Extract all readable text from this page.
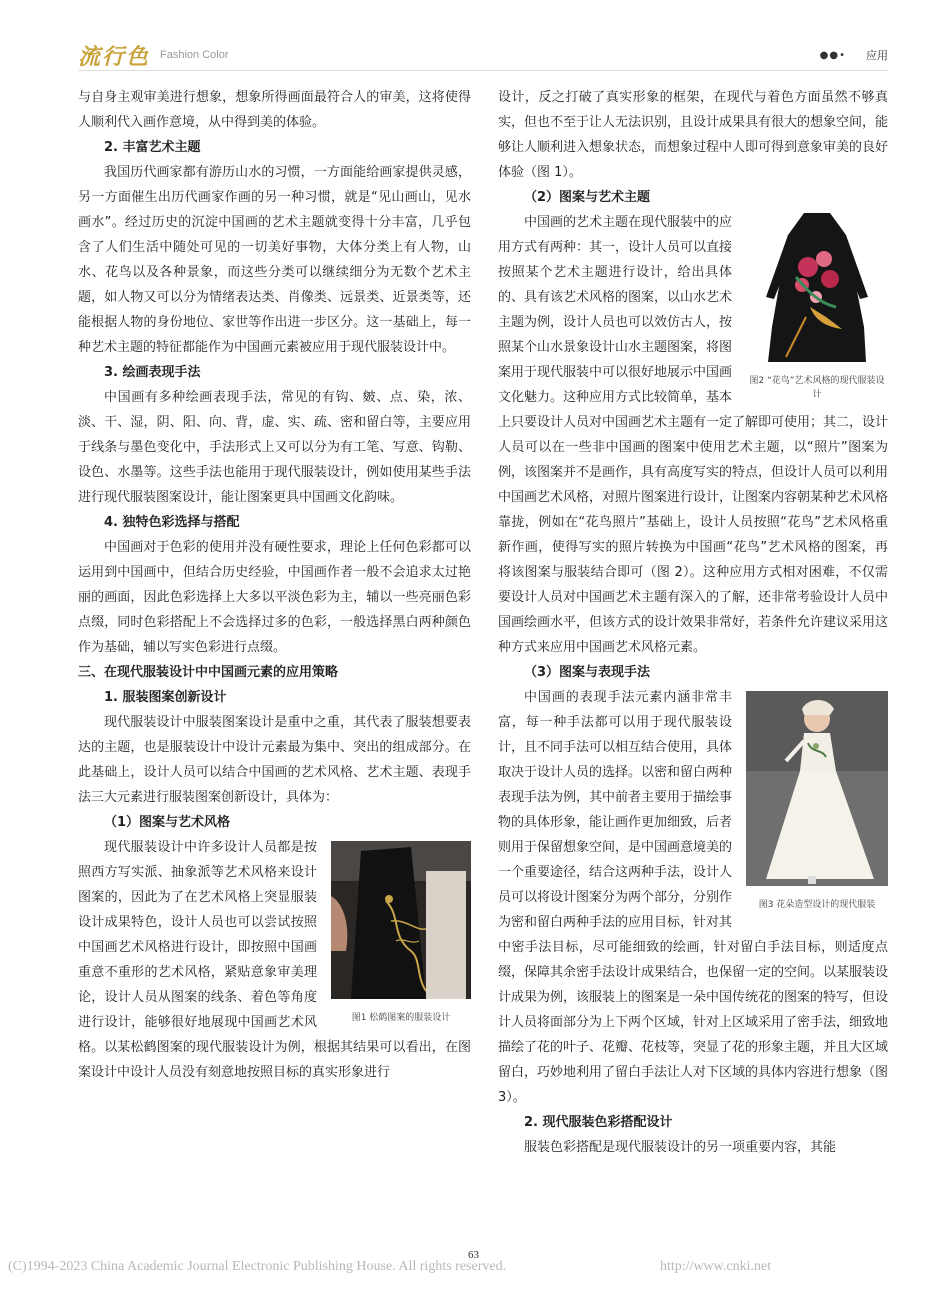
流行色 Fashion Color	●●• 应用

与自身主观审美进行想象，想象所得画面最符合人的审美，这将使得人顺利代入画作意境，从中得到美的体验。

2. 丰富艺术主题

我国历代画家都有游历山水的习惯，一方面能给画家提供灵感，另一方面催生出历代画家作画的另一种习惯，就是“见山画山，见水画水”。经过历史的沉淀中国画的艺术主题就变得十分丰富，几乎包含了人们生活中随处可见的一切美好事物，大体分类上有人物，山水、花鸟以及各种景象，而这些分类可以继续细分为无数个艺术主题，如人物又可以分为情绪表达类、肖像类、远景类、近景类等，还能根据人物的身份地位、家世等作出进一步区分。这一基础上，每一种艺术主题的特征都能作为中国画元素被应用于现代服装设计中。

3. 绘画表现手法

中国画有多种绘画表现手法，常见的有钩、皴、点、染，浓、淡、干、湿，阴、阳、向、背，虚、实、疏、密和留白等，主要应用于线条与墨色变化中，手法形式上又可以分为有工笔、写意、钩勒、设色、水墨等。这些手法也能用于现代服装设计，例如使用某些手法进行现代服装图案设计，能让图案更具中国画文化韵味。

4. 独特色彩选择与搭配

中国画对于色彩的使用并没有硬性要求，理论上任何色彩都可以运用到中国画中，但结合历史经验，中国画作者一般不会追求太过艳丽的画面，因此色彩选择上大多以平淡色彩为主，辅以一些亮丽色彩点缀，同时色彩搭配上不会选择过多的色彩，一般选择黑白两种颜色作为基础，辅以写实色彩进行点缀。

三、在现代服装设计中中国画元素的应用策略
1. 服装图案创新设计

现代服装设计中服装图案设计是重中之重，其代表了服装想要表达的主题，也是服装设计中设计元素最为集中、突出的组成部分。在此基础上，设计人员可以结合中国画的艺术风格、艺术主题、表现手法三大元素进行服装图案创新设计，具体为：

（1）图案与艺术风格
图1 松鹤图案的服装设计

现代服装设计中许多设计人员都是按照西方写实派、抽象派等艺术风格来设计图案的，因此为了在艺术风格上突显服装设计成果特色，设计人员也可以尝试按照中国画艺术风格进行设计，即按照中国画重意不重形的艺术风格，紧贴意象审美理论，设计人员从图案的线条、着色等角度进行设计，能够很好地展现中国画艺术风格。以某松鹤图案的现代服装设计为例，根据其结果可以看出，在图案设计中设计人员没有刻意地按照目标的真实形象进行

设计，反之打破了真实形象的框架，在现代与着色方面虽然不够真实，但也不至于让人无法识别，且设计成果具有很大的想象空间，能够让人顺利进入想象状态，而想象过程中人即可得到意象审美的良好体验（图 1）。

（2）图案与艺术主题
图2 “花鸟”艺术风格的现代服装设计

中国画的艺术主题在现代服装中的应用方式有两种：其一，设计人员可以直接按照某个艺术主题进行设计，给出具体的、具有该艺术风格的图案，以山水艺术主题为例，设计人员也可以效仿古人，按照某个山水景象设计山水主题图案，将图案用于现代服装中可以很好地展示中国画文化魅力。这种应用方式比较简单，基本上只要设计人员对中国画艺术主题有一定了解即可使用；其二，设计人员可以在一些非中国画的图案中使用艺术主题，以“照片”图案为例，该图案并不是画作，具有高度写实的特点，但设计人员可以利用中国画艺术风格，对照片图案进行设计，让图案内容朝某种艺术风格靠拢，例如在“花鸟照片”基础上，设计人员按照“花鸟”艺术风格重新作画，使得写实的照片转换为中国画“花鸟”艺术风格的图案，再将该图案与服装结合即可（图 2）。这种应用方式相对困难，不仅需要设计人员对中国画艺术主题有深入的了解，还非常考验设计人员中国画绘画水平，但该方式的设计效果非常好，若条件允许建议采用这种方式来应用中国画艺术风格元素。

（3）图案与表现手法
图3 花朵造型设计的现代服装

中国画的表现手法元素内涵非常丰富，每一种手法都可以用于现代服装设计，且不同手法可以相互结合使用，具体取决于设计人员的选择。以密和留白两种表现手法为例，其中前者主要用于描绘事物的具体形象，能让画作更加细致，后者则用于保留想象空间，是中国画意境美的一个重要途径，结合这两种手法，设计人员可以将设计图案分为两个部分，分别作为密和留白两种手法的应用目标，针对其中密手法目标，尽可能细致的绘画，针对留白手法目标，则适度点缀，保障其余密手法设计成果结合，也保留一定的空间。以某服装设计成果为例，该服装上的图案是一朵中国传统花的图案的特写，但设计人员将面部分为上下两个区域，针对上区域采用了密手法，细致地描绘了花的叶子、花瓣、花枝等，突显了花的形象主题，并且大区域留白，巧妙地利用了留白手法让人对下区域的具体内容进行想象（图 3）。

2. 现代服装色彩搭配设计

服装色彩搭配是现代服装设计的另一项重要内容，其能

63
(C)1994-2023 China Academic Journal Electronic Publishing House. All rights reserved.	http://www.cnki.net
